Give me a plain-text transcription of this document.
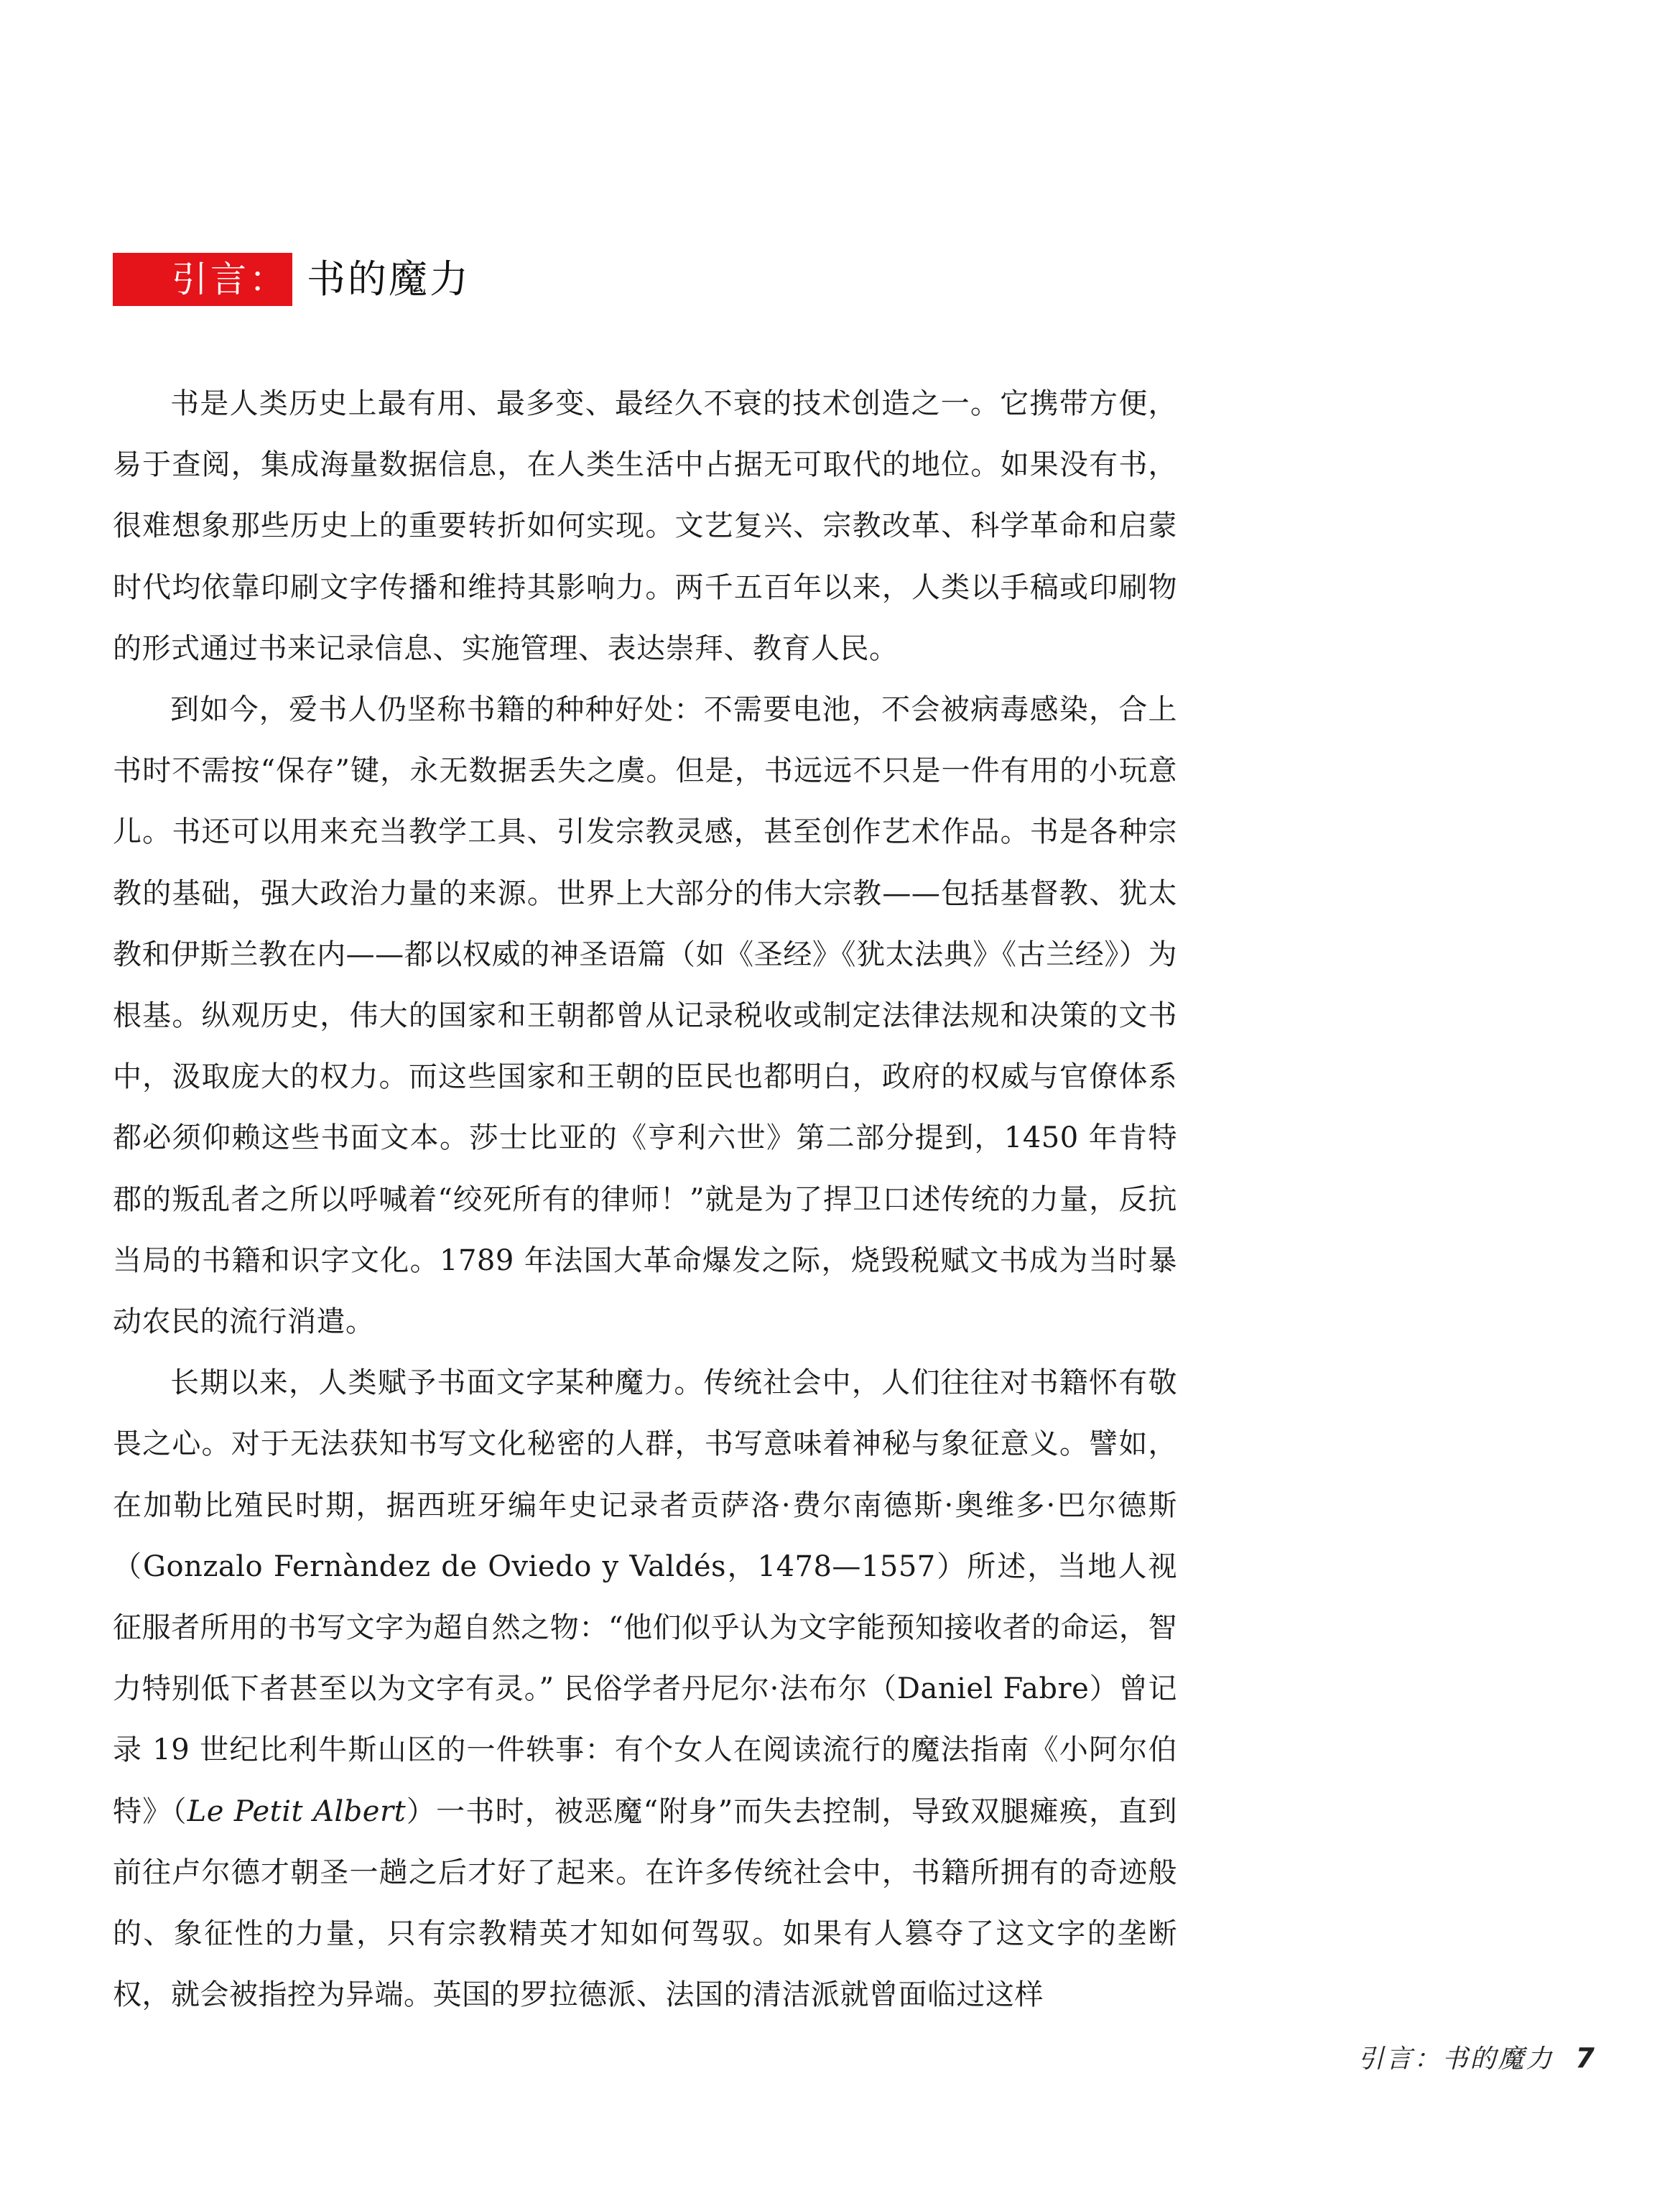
引言： 书的魔力

书是人类历史上最有用、最多变、最经久不衰的技术创造之一。它携带方便，易于查阅，集成海量数据信息，在人类生活中占据无可取代的地位。如果没有书，很难想象那些历史上的重要转折如何实现。文艺复兴、宗教改革、科学革命和启蒙时代均依靠印刷文字传播和维持其影响力。两千五百年以来，人类以手稿或印刷物的形式通过书来记录信息、实施管理、表达崇拜、教育人民。

到如今，爱书人仍坚称书籍的种种好处：不需要电池，不会被病毒感染，合上书时不需按“保存”键，永无数据丢失之虞。但是，书远远不只是一件有用的小玩意儿。书还可以用来充当教学工具、引发宗教灵感，甚至创作艺术作品。书是各种宗教的基础，强大政治力量的来源。世界上大部分的伟大宗教——包括基督教、犹太教和伊斯兰教在内——都以权威的神圣语篇（如《圣经》《犹太法典》《古兰经》）为根基。纵观历史，伟大的国家和王朝都曾从记录税收或制定法律法规和决策的文书中，汲取庞大的权力。而这些国家和王朝的臣民也都明白，政府的权威与官僚体系都必须仰赖这些书面文本。莎士比亚的《亨利六世》第二部分提到，1450 年肯特郡的叛乱者之所以呼喊着“绞死所有的律师！”就是为了捍卫口述传统的力量，反抗当局的书籍和识字文化。1789 年法国大革命爆发之际，烧毁税赋文书成为当时暴动农民的流行消遣。

长期以来，人类赋予书面文字某种魔力。传统社会中，人们往往对书籍怀有敬畏之心。对于无法获知书写文化秘密的人群，书写意味着神秘与象征意义。譬如，在加勒比殖民时期，据西班牙编年史记录者贡萨洛·费尔南德斯·奥维多·巴尔德斯（Gonzalo Fernàndez de Oviedo y Valdés，1478—1557）所述，当地人视征服者所用的书写文字为超自然之物：“他们似乎认为文字能预知接收者的命运，智力特别低下者甚至以为文字有灵。” 民俗学者丹尼尔·法布尔（Daniel Fabre）曾记录 19 世纪比利牛斯山区的一件轶事：有个女人在阅读流行的魔法指南《小阿尔伯特》（Le Petit Albert）一书时，被恶魔“附身”而失去控制，导致双腿瘫痪，直到前往卢尔德才朝圣一趟之后才好了起来。在许多传统社会中，书籍所拥有的奇迹般的、象征性的力量，只有宗教精英才知如何驾驭。如果有人篡夺了这文字的垄断权，就会被指控为异端。英国的罗拉德派、法国的清洁派就曾面临过这样

引言：书的魔力 7
